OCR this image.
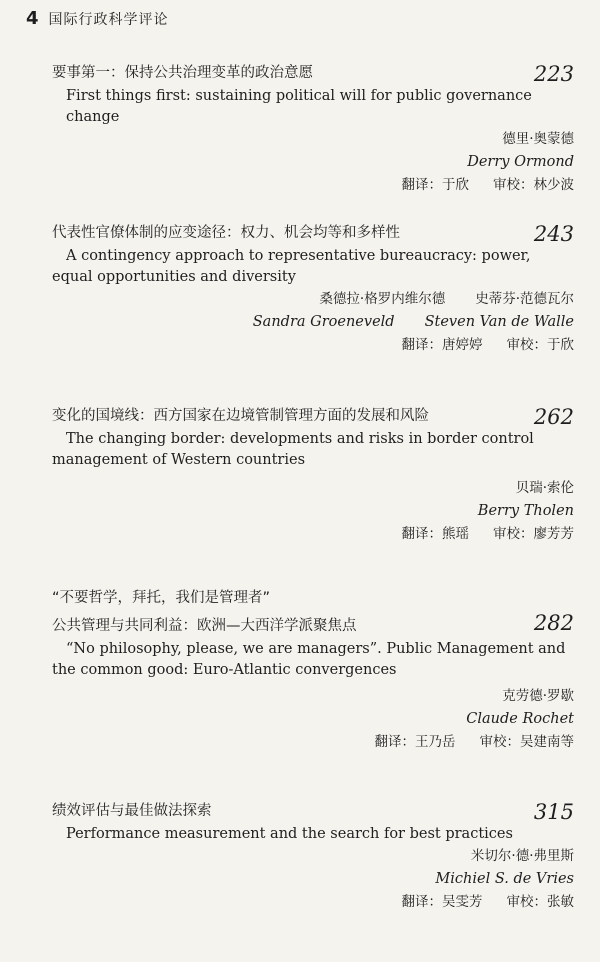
4 国际行政科学评论
223
要事第一：保持公共治理变革的政治意愿
First things first: sustaining political will for public governance change
德里·奥蒙德
Derry Ormond
翻译：于欣 审校：林少波
243
代表性官僚体制的应变途径：权力、机会均等和多样性
A contingency approach to representative bureaucracy: power, equal opportunities and diversity
桑德拉·格罗内维尔德 史蒂芬·范德瓦尔
Sandra Groeneveld Steven Van de Walle
翻译：唐婷婷 审校：于欣
262
变化的国境线：西方国家在边境管制管理方面的发展和风险
The changing border: developments and risks in border control management of Western countries
贝瑞·索伦
Berry Tholen
翻译：熊瑶 审校：廖芳芳
“不要哲学，拜托，我们是管理者”
282
公共管理与共同利益：欧洲—大西洋学派聚焦点
“No philosophy, please, we are managers”. Public Management and the common good: Euro-Atlantic convergences
克劳德·罗歇
Claude Rochet
翻译：王乃岳 审校：吴建南等
315
绩效评估与最佳做法探索
Performance measurement and the search for best practices
米切尔·德·弗里斯
Michiel S. de Vries
翻译：吴雯芳 审校：张敏
